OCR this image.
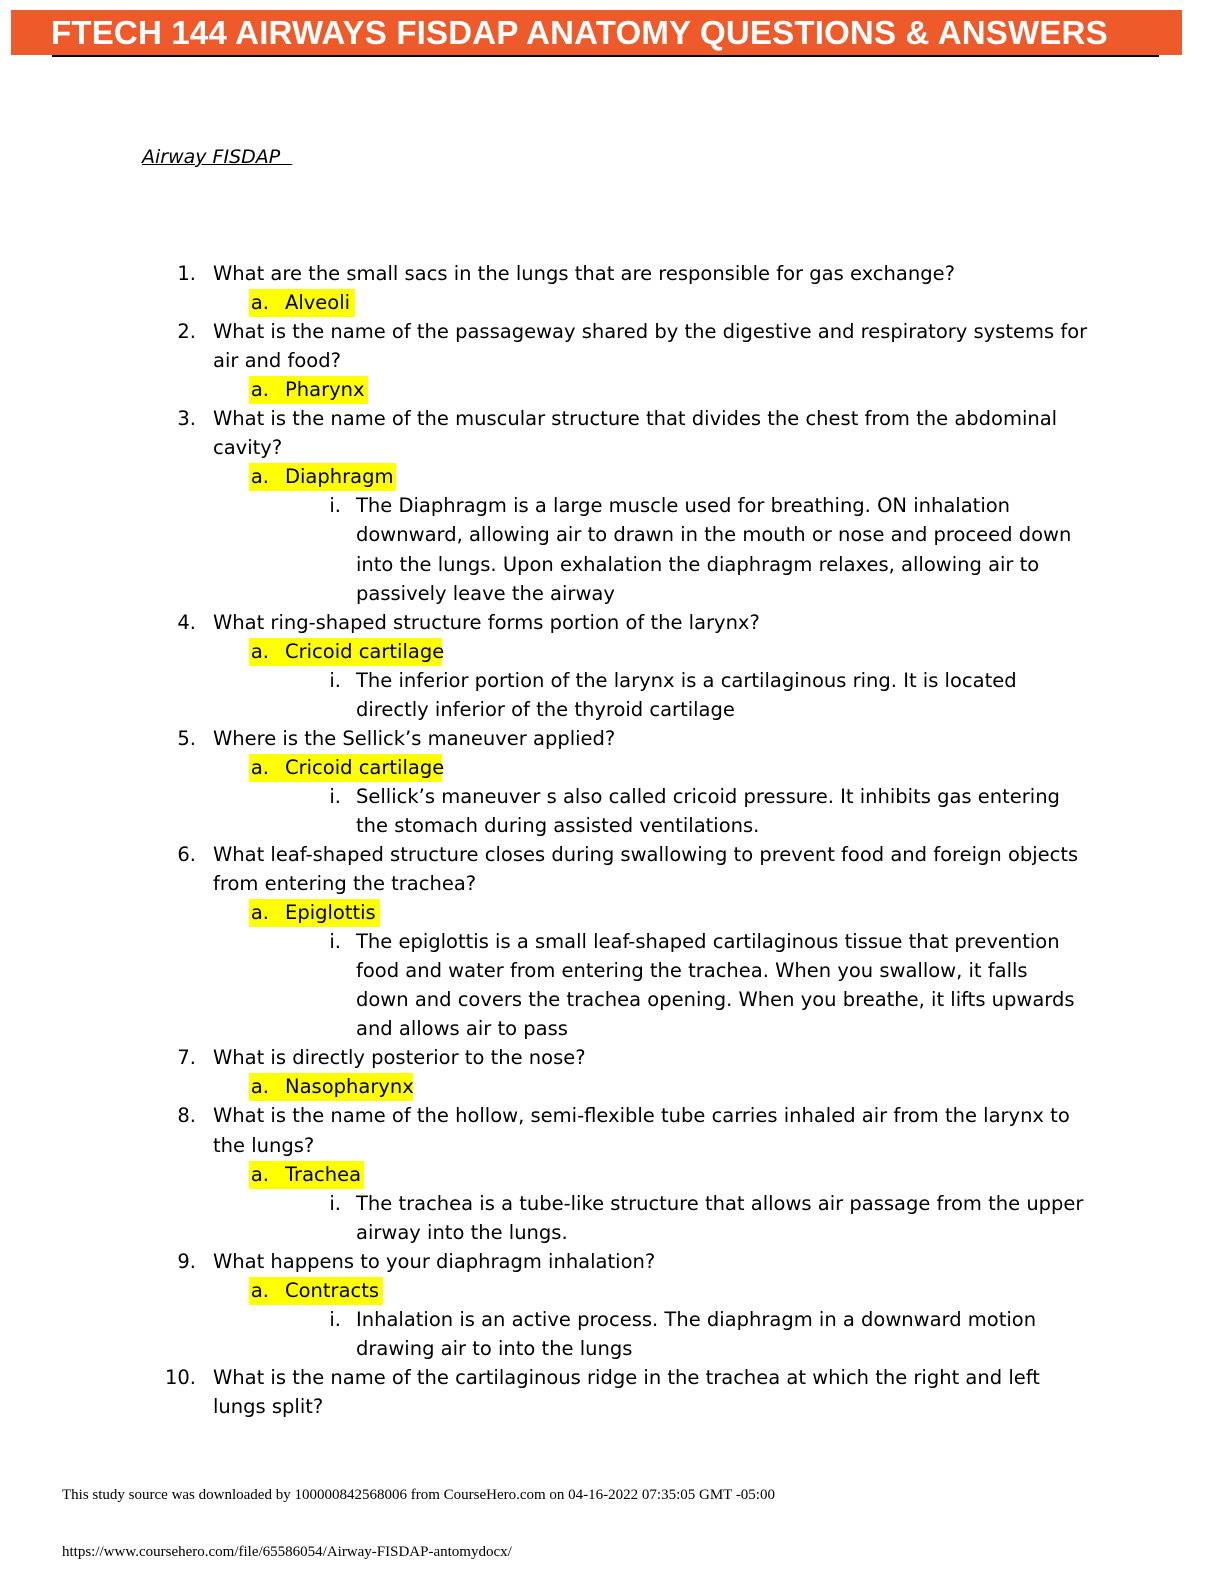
FTECH 144 AIRWAYS FISDAP ANATOMY QUESTIONS & ANSWERS
Airway FISDAP
1. What are the small sacs in the lungs that are responsible for gas exchange?
a. Alveoli
2. What is the name of the passageway shared by the digestive and respiratory systems for
air and food?
a. Pharynx
3. What is the name of the muscular structure that divides the chest from the abdominal
cavity?
a. Diaphragm
i. The Diaphragm is a large muscle used for breathing. ON inhalation
downward, allowing air to drawn in the mouth or nose and proceed down
into the lungs. Upon exhalation the diaphragm relaxes, allowing air to
passively leave the airway
4. What ring-shaped structure forms portion of the larynx?
a. Cricoid cartilage
i. The inferior portion of the larynx is a cartilaginous ring. It is located
directly inferior of the thyroid cartilage
5. Where is the Sellick’s maneuver applied?
a. Cricoid cartilage
i. Sellick’s maneuver s also called cricoid pressure. It inhibits gas entering
the stomach during assisted ventilations.
6. What leaf-shaped structure closes during swallowing to prevent food and foreign objects
from entering the trachea?
a. Epiglottis
i. The epiglottis is a small leaf-shaped cartilaginous tissue that prevention
food and water from entering the trachea. When you swallow, it falls
down and covers the trachea opening. When you breathe, it lifts upwards
and allows air to pass
7. What is directly posterior to the nose?
a. Nasopharynx
8. What is the name of the hollow, semi-flexible tube carries inhaled air from the larynx to
the lungs?
a. Trachea
i. The trachea is a tube-like structure that allows air passage from the upper
airway into the lungs.
9. What happens to your diaphragm inhalation?
a. Contracts
i. Inhalation is an active process. The diaphragm in a downward motion
drawing air to into the lungs
10. What is the name of the cartilaginous ridge in the trachea at which the right and left
lungs split?
This study source was downloaded by 100000842568006 from CourseHero.com on 04-16-2022 07:35:05 GMT -05:00
https://www.coursehero.com/file/65586054/Airway-FISDAP-antomydocx/
